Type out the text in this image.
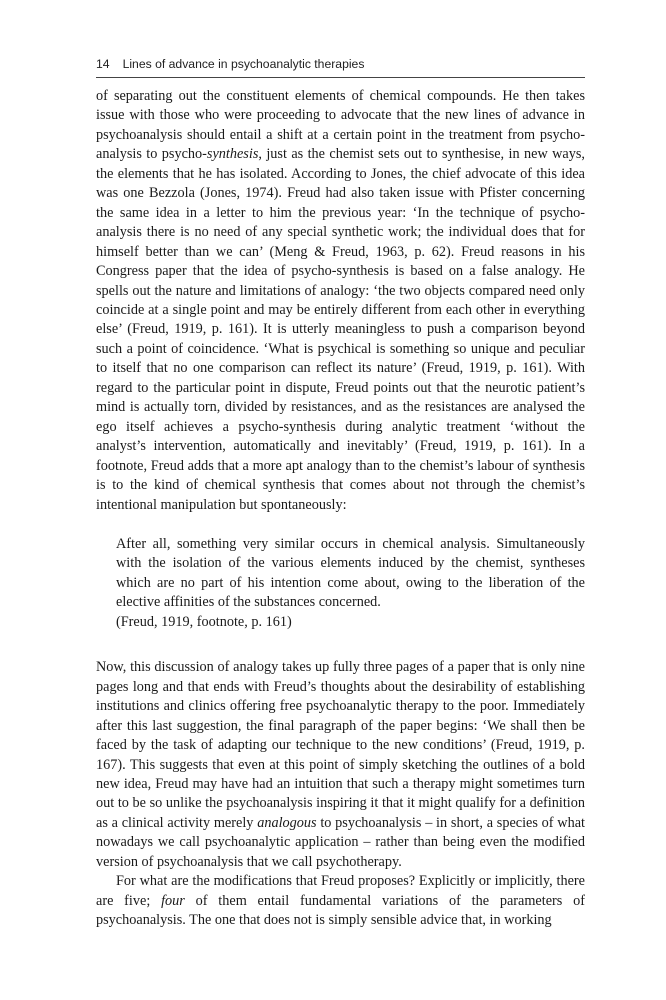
14 Lines of advance in psychoanalytic therapies

of separating out the constituent elements of chemical compounds. He then takes issue with those who were proceeding to advocate that the new lines of advance in psychoanalysis should entail a shift at a certain point in the treatment from psycho-analysis to psycho-synthesis, just as the chemist sets out to synthesise, in new ways, the elements that he has isolated. According to Jones, the chief advocate of this idea was one Bezzola (Jones, 1974). Freud had also taken issue with Pfister concerning the same idea in a letter to him the previous year: ‘In the technique of psycho-analysis there is no need of any special synthetic work; the individual does that for himself better than we can’ (Meng & Freud, 1963, p. 62). Freud reasons in his Congress paper that the idea of psycho-synthesis is based on a false analogy. He spells out the nature and limitations of analogy: ‘the two objects compared need only coincide at a single point and may be entirely different from each other in everything else’ (Freud, 1919, p. 161). It is utterly meaningless to push a comparison beyond such a point of coincidence. ‘What is psychical is something so unique and peculiar to itself that no one comparison can reflect its nature’ (Freud, 1919, p. 161). With regard to the particular point in dispute, Freud points out that the neurotic patient’s mind is actually torn, divided by resistances, and as the resistances are analysed the ego itself achieves a psycho-synthesis during analytic treatment ‘without the analyst’s intervention, automatically and inevitably’ (Freud, 1919, p. 161). In a footnote, Freud adds that a more apt analogy than to the chemist’s labour of synthesis is to the kind of chemical synthesis that comes about not through the chemist’s intentional manipulation but spontaneously:

After all, something very similar occurs in chemical analysis. Simultaneously with the isolation of the various elements induced by the chemist, syntheses which are no part of his intention come about, owing to the liberation of the elective affinities of the substances concerned.

(Freud, 1919, footnote, p. 161)

Now, this discussion of analogy takes up fully three pages of a paper that is only nine pages long and that ends with Freud’s thoughts about the desirability of establishing institutions and clinics offering free psychoanalytic therapy to the poor. Immediately after this last suggestion, the final paragraph of the paper begins: ‘We shall then be faced by the task of adapting our technique to the new conditions’ (Freud, 1919, p. 167). This suggests that even at this point of simply sketching the outlines of a bold new idea, Freud may have had an intuition that such a therapy might sometimes turn out to be so unlike the psychoanalysis inspiring it that it might qualify for a definition as a clinical activity merely analogous to psychoanalysis – in short, a species of what nowadays we call psychoanalytic application – rather than being even the modified version of psychoanalysis that we call psychotherapy.

For what are the modifications that Freud proposes? Explicitly or implicitly, there are five; four of them entail fundamental variations of the parameters of psychoanalysis. The one that does not is simply sensible advice that, in working
